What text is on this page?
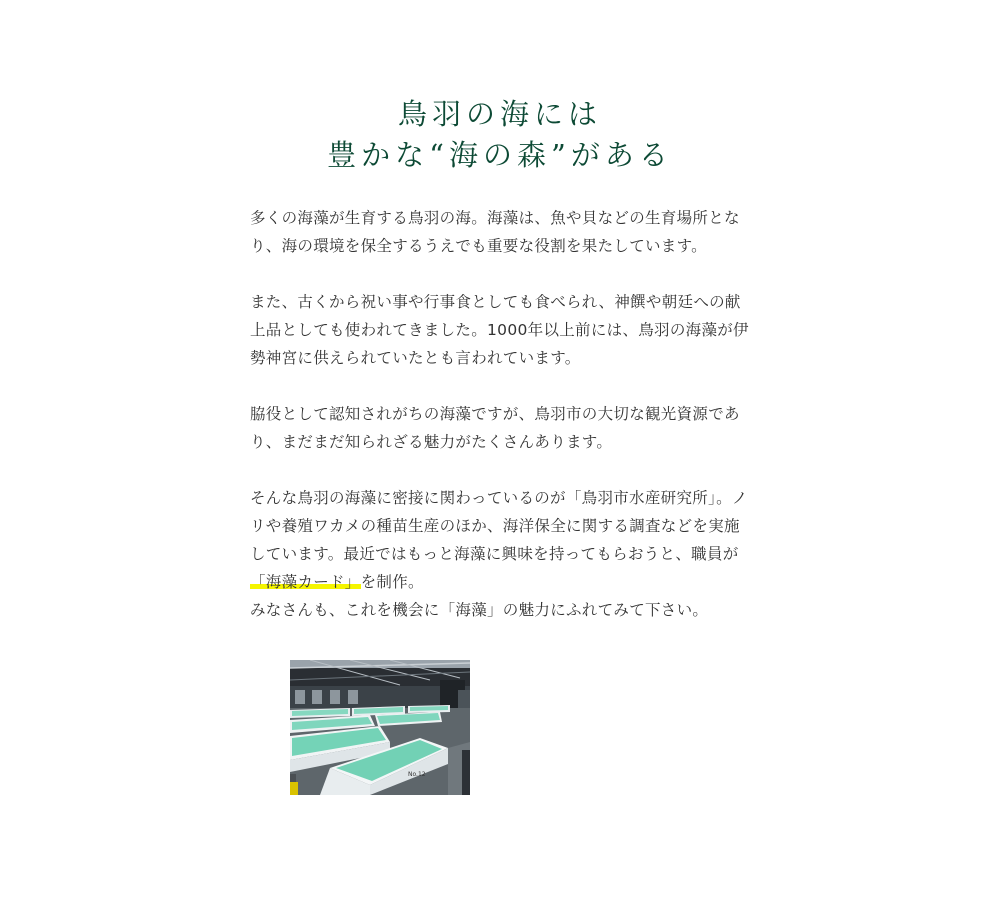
鳥羽の海には
豊かな“海の森”がある

多くの海藻が生育する鳥羽の海。海藻は、魚や貝などの生育場所となり、海の環境を保全するうえでも重要な役割を果たしています。

また、古くから祝い事や行事食としても食べられ、神饌や朝廷への献上品としても使われてきました。1000年以上前には、鳥羽の海藻が伊勢神宮に供えられていたとも言われています。

脇役として認知されがちの海藻ですが、鳥羽市の大切な観光資源であり、まだまだ知られざる魅力がたくさんあります。

そんな鳥羽の海藻に密接に関わっているのが「鳥羽市水産研究所」。ノリや養殖ワカメの種苗生産のほか、海洋保全に関する調査などを実施しています。最近ではもっと海藻に興味を持ってもらおうと、職員が「海藻カード」を制作。
みなさんも、これを機会に「海藻」の魅力にふれてみて下さい。

No.12
